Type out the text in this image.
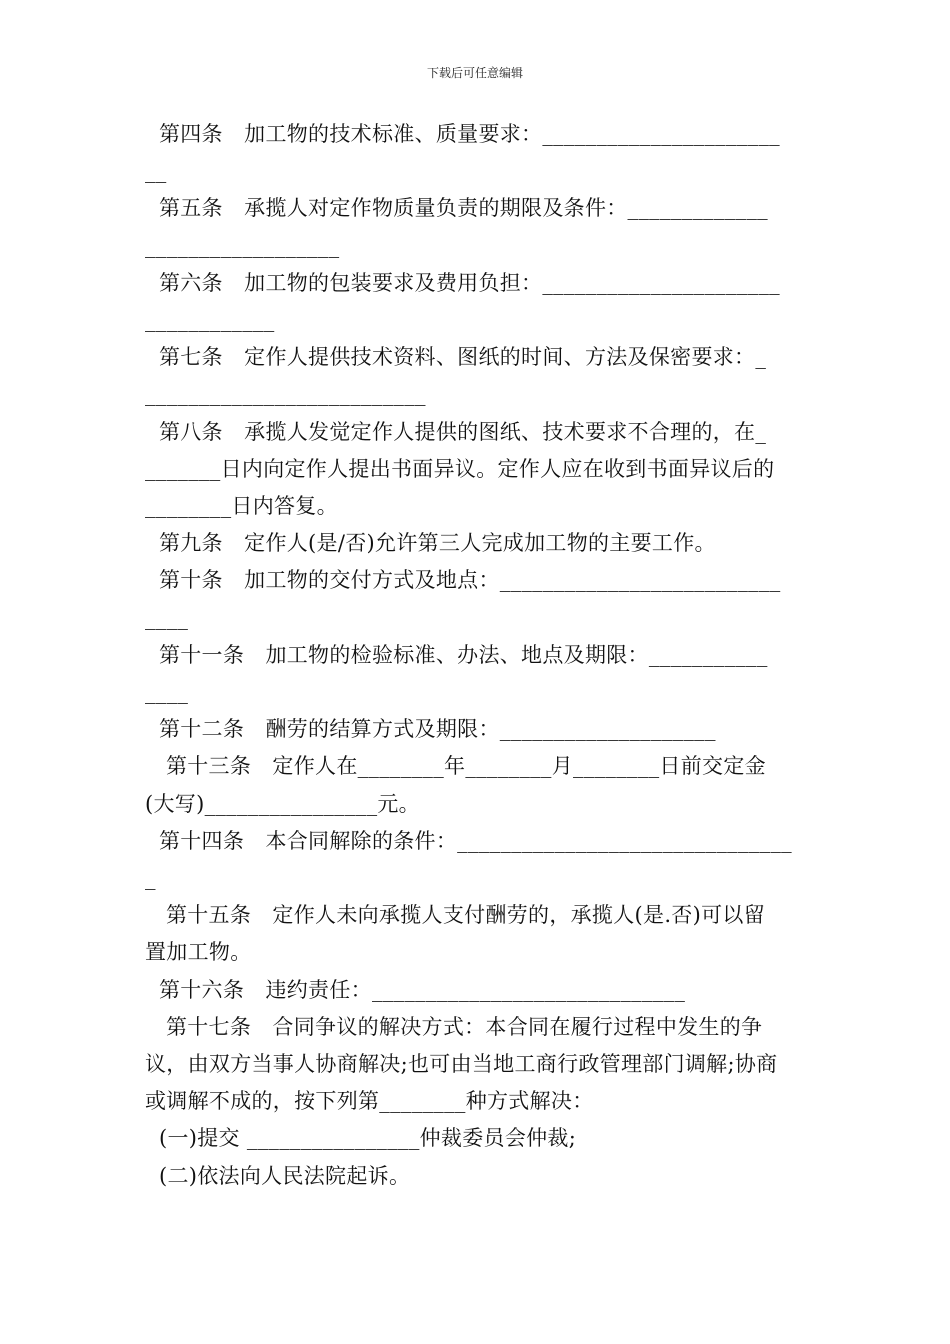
下载后可任意编辑

第四条　加工物的技术标准、质量要求：______________________
__

第五条　承揽人对定作物质量负责的期限及条件：_____________
__________________

第六条　加工物的包装要求及费用负担：______________________
____________

第七条　定作人提供技术资料、图纸的时间、方法及保密要求：_
__________________________

第八条　承揽人发觉定作人提供的图纸、技术要求不合理的，在_
_______日内向定作人提出书面异议。定作人应在收到书面异议后的
________日内答复。

第九条　定作人(是/否)允许第三人完成加工物的主要工作。

第十条　加工物的交付方式及地点：__________________________
____

第十一条　加工物的检验标准、办法、地点及期限：___________
____

第十二条　酬劳的结算方式及期限：____________________

第十三条　定作人在________年________月________日前交定金
(大写)________________元。

第十四条　本合同解除的条件：_______________________________
_

第十五条　定作人未向承揽人支付酬劳的，承揽人(是.否)可以留
置加工物。

第十六条　违约责任：_____________________________

第十七条　合同争议的解决方式：本合同在履行过程中发生的争
议，由双方当事人协商解决;也可由当地工商行政管理部门调解;协商
或调解不成的，按下列第________种方式解决：

(一)提交 ________________仲裁委员会仲裁;

(二)依法向人民法院起诉。
